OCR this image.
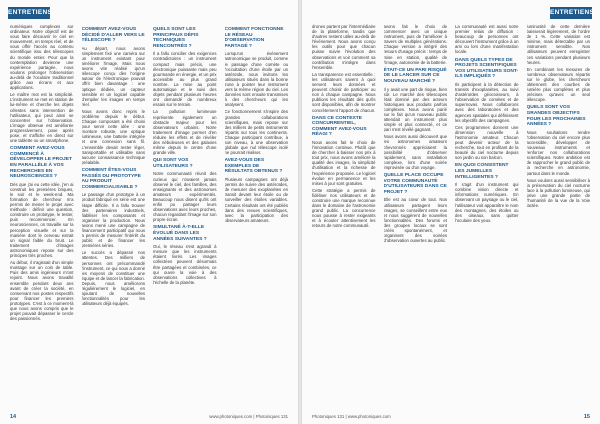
ENTRETIENS

numériques complexes sur ordinateur. Notre objectif est de vous faire découvrir le ciel en mouvement, en temps réel, et de vous offrir l'accès au contenu scientifique issu des télescopes du monde entier. Pour que la contemplation devienne une expérience partagée, nous voulons prolonger l'observation au-delà de l'oculaire traditionnel grâce aux écrans et aux applications.

Le maître mot est la simplicité. L'instrument se met en station de lui-même et cherche les objets célestes sans intervention de l'utilisateur, qui peut ainsi se concentrer sur l'observation. L'image obtenue est améliorée progressivement, pose après pose, et s'affiche en direct sur une tablette ou un smartphone.

COMMENT AVEZ-VOUS COMMENCÉ À DÉVELOPPER LE PROJET EN PARALLÈLE À VOS RECHERCHES EN NEUROSCIENCES ?

Dès que j'ai eu cette idée, j'en ai construit les premières briques, le soir et le week-end. Ma formation de chercheur m'a permis de mener le projet avec méthode : définir une question, construire un prototype, le tester, puis recommencer. En neurosciences, on travaille sur la perception visuelle et sur la manière dont le cerveau extrait un signal faible du bruit. Le traitement d'images astronomiques repose sur des principes très proches.

Au début, il s'agissait d'un simple montage sur un coin de table. Puis des amis ingénieurs m'ont rejoint. Nous avons travaillé ensemble pendant deux ans avant de créer la société, en conservant nos postes respectifs pour financer les premiers prototypes. C'est à ce moment-là que nous avons compris que le projet pouvait dépasser le cercle des passionnés.

COMMENT AVEZ-VOUS DÉCIDÉ D'ALLER VERS LE TÉLESCOPE ?

Au départ, nous avons simplement fixé une caméra sur un instrument existant pour améliorer l'image. Mais nous avons vite réalisé qu'un télescope conçu dès l'origine autour de l'électronique pouvait offrir bien davantage : une optique dédiée, un capteur sensible et un logiciel capable d'empiler les images en temps réel.

Nous avons donc repris le problème depuis le début. Chaque composant a été choisi pour servir cette idée : une monture robuste, une optique lumineuse, une batterie intégrée et une connexion sans fil. L'ensemble devait rester léger, transportable et utilisable sans aucune connaissance technique préalable.

COMMENT ÊTES-VOUS PASSÉS DU PROTOTYPE AU PRODUIT COMMERCIALISABLE ?

Le passage d'un prototype à un produit fabriqué en série est une étape difficile. Il a fallu trouver des partenaires industriels, fiabiliser les composants et organiser la production. Nous avons mené une campagne de financement participatif qui nous a permis de mesurer l'intérêt du public et de financer les premières séries.

Le succès a dépassé nos attentes. Des milliers de personnes ont précommandé l'instrument, ce qui nous a donné les moyens de constituer une équipe et de lancer la fabrication. Depuis, nous améliorons régulièrement le logiciel, en ajoutant de nouvelles fonctionnalités pour les utilisateurs déjà équipés.

QUELS SONT LES PRINCIPAUX DÉFIS TECHNIQUES RENCONTRÉS ?

Il a fallu concilier des exigences contradictoires : un instrument compact mais précis, une électronique puissante mais peu gourmande en énergie, et un prix accessible au plus grand nombre. La mise au point automatique et le suivi des objets pendant plusieurs heures ont demandé de nombreux essais sur le terrain.

La pollution lumineuse représente également un obstacle majeur pour les observateurs urbains. Notre traitement d'image permet d'en réduire les effets et de révéler des nébuleuses et des galaxies même depuis le centre d'une grande ville.

QUI SONT VOS UTILISATEURS ?

Notre communauté réunit des curieux qui n'avaient jamais observé le ciel, des familles, des enseignants et des astronomes amateurs expérimentés. Beaucoup nous disent qu'ils ont enfin pu partager leurs observations avec leurs proches, chacun regardant l'image sur son propre écran.

SIMULTANÉ À-T-ELLE ÉVOLUÉ DANS LES ANNÉES SUIVANTES ?

Oui, le réseau s'est agrandi à mesure que les instruments étaient livrés. Les images collectées peuvent désormais être partagées et combinées, ce qui ouvre la voie à des observations collectives à l'échelle de la planète.

COMMENT FONCTIONNE LE RÉSEAU D'OBSERVATION PARTAGÉ ?

Lorsqu'un événement astronomique se produit, comme le passage d'une comète ou l'occultation d'une étoile par un astéroïde, nous invitons les utilisateurs situés dans la bonne zone à pointer leur instrument vers la même région du ciel. Les données sont ensuite transmises à des chercheurs qui les analysent.

Ce fonctionnement s'inspire des grandes collaborations scientifiques, mais repose sur des milliers de petits instruments répartis sur tous les continents. Chaque participant contribue, à son niveau, à une observation globale que nul télescope isolé ne pourrait réaliser.

AVEZ-VOUS DES EXEMPLES DE RÉSULTATS OBTENUS ?

Plusieurs campagnes ont déjà permis de suivre des astéroïdes, de mesurer des exoplanètes en transit devant leur étoile ou de surveiller des étoiles variables. Certains résultats ont été publiés dans des revues scientifiques, avec la participation des observateurs amateurs.

14	www.photoniques.com | Photoniques 131
ENTRETIENS

drones partent par l'intermédiaire de la plateforme, tandis que d'autres restent utiles au-delà de l'événement. Nous avons conçu les outils pour que chacun puisse suivre l'évolution des observations et voir comment sa contribution s'intègre dans l'ensemble.

La transparence est essentielle : les utilisateurs savent à quoi servent leurs données et peuvent choisir de participer ou non à chaque campagne. Nous publions les résultats dès qu'ils sont disponibles, afin de montrer concrètement l'apport de chacun.

DANS CE CONTEXTE CONCURRENTIEL, COMMENT AVEZ-VOUS RÉAGI ?

Nous avons fait le choix de l'innovation continue. Plutôt que de chercher à baisser nos prix à tout prix, nous avons amélioré la qualité des images, la simplicité d'utilisation et la richesse de l'expérience proposée. Le logiciel évolue en permanence et les mises à jour sont gratuites.

Cette stratégie a permis de fidéliser nos utilisateurs et de construire une marque reconnue dans le domaine de l'astronomie grand public. La concurrence nous pousse à rester exigeants et à écouter attentivement les retours de notre communauté.

avons fait le choix de commencer avec un unique instrument, puis de l'améliorer à travers de multiples générations. Chaque version a intégré des retours d'usage précis : temps de mise en station, qualité de l'image, autonomie de la batterie.

ÉTAIT-CE UN PARI RISQUÉ DE LE LANCER SUR CE NOUVEAU MARCHÉ ?

Il y avait une part de risque, bien sûr. Le marché des télescopes était dominé par des acteurs historiques aux produits parfois complexes. Nous avons parié sur le fait qu'un nouveau public attendait un instrument plus simple et plus connecté, et ce pari s'est révélé gagnant.

Nous avons aussi découvert que les astronomes amateurs chevronnés appréciaient la possibilité d'observer rapidement, sans installation complexe, lors d'une soirée improvisée ou d'un voyage.

QUELLE PLACE OCCUPE VOTRE COMMUNAUTÉ D'UTILISATEURS DANS CE PROJET ?

Elle est au cœur de tout. Nos utilisateurs partagent leurs images, se conseillent entre eux et nous suggèrent de nouvelles fonctionnalités. Des forums et des groupes locaux se sont créés spontanément, et organisent des soirées d'observation ouvertes au public.

La communauté est aussi notre premier relais de diffusion : beaucoup de personnes ont découvert l'instrument grâce à un ami ou lors d'une manifestation locale.

DANS QUELS TYPES DE PROJETS SCIENTIFIQUES VOS UTILISATEURS SONT-ILS IMPLIQUÉS ?

Ils participent à la détection de transits d'exoplanètes, au suivi d'astéroïdes géocroiseurs, à l'observation de comètes et de supernovas. Nous collaborons avec des laboratoires et des agences spatiales qui définissent les objectifs des campagnes.

Ces programmes donnent une dimension nouvelle à l'astronomie amateur. Chacun peut devenir acteur de la recherche, tout en profitant de la beauté du ciel nocturne depuis son jardin ou son balcon.

EN QUOI CONSISTENT LES JUMELLES INTELLIGENTES ?

Il s'agit d'un instrument qui combine vision directe et informations numériques. En observant un paysage ou le ciel, l'utilisateur voit apparaître le nom des montagnes, des étoiles ou des oiseaux, sans quitter l'oculaire des yeux.

luminosité de cette dernière baisserait légèrement, de l'ordre de 1 %. Cette variation est minime, mais détectable par un instrument sensible. Nos utilisateurs peuvent enregistrer ces variations pendant plusieurs heures.

En combinant les mesures de nombreux observateurs répartis sur le globe, les chercheurs obtiennent des courbes de lumière plus complètes et plus précises qu'avec un seul télescope.

QUELS SONT VOS GRANDES OBJECTIFS POUR LES PROCHAINES ANNÉES ?

Nous souhaitons rendre l'observation du ciel encore plus accessible, développer de nouveaux instruments et renforcer nos collaborations scientifiques. Notre ambition est de rapprocher le grand public de la recherche en astronomie, partout dans le monde.

Nous voulons aussi sensibiliser à la préservation du ciel nocturne face à la pollution lumineuse, qui prive une grande partie de l'humanité de la vue de la Voie lactée.

Photoniques 131 | www.photoniques.com	15
